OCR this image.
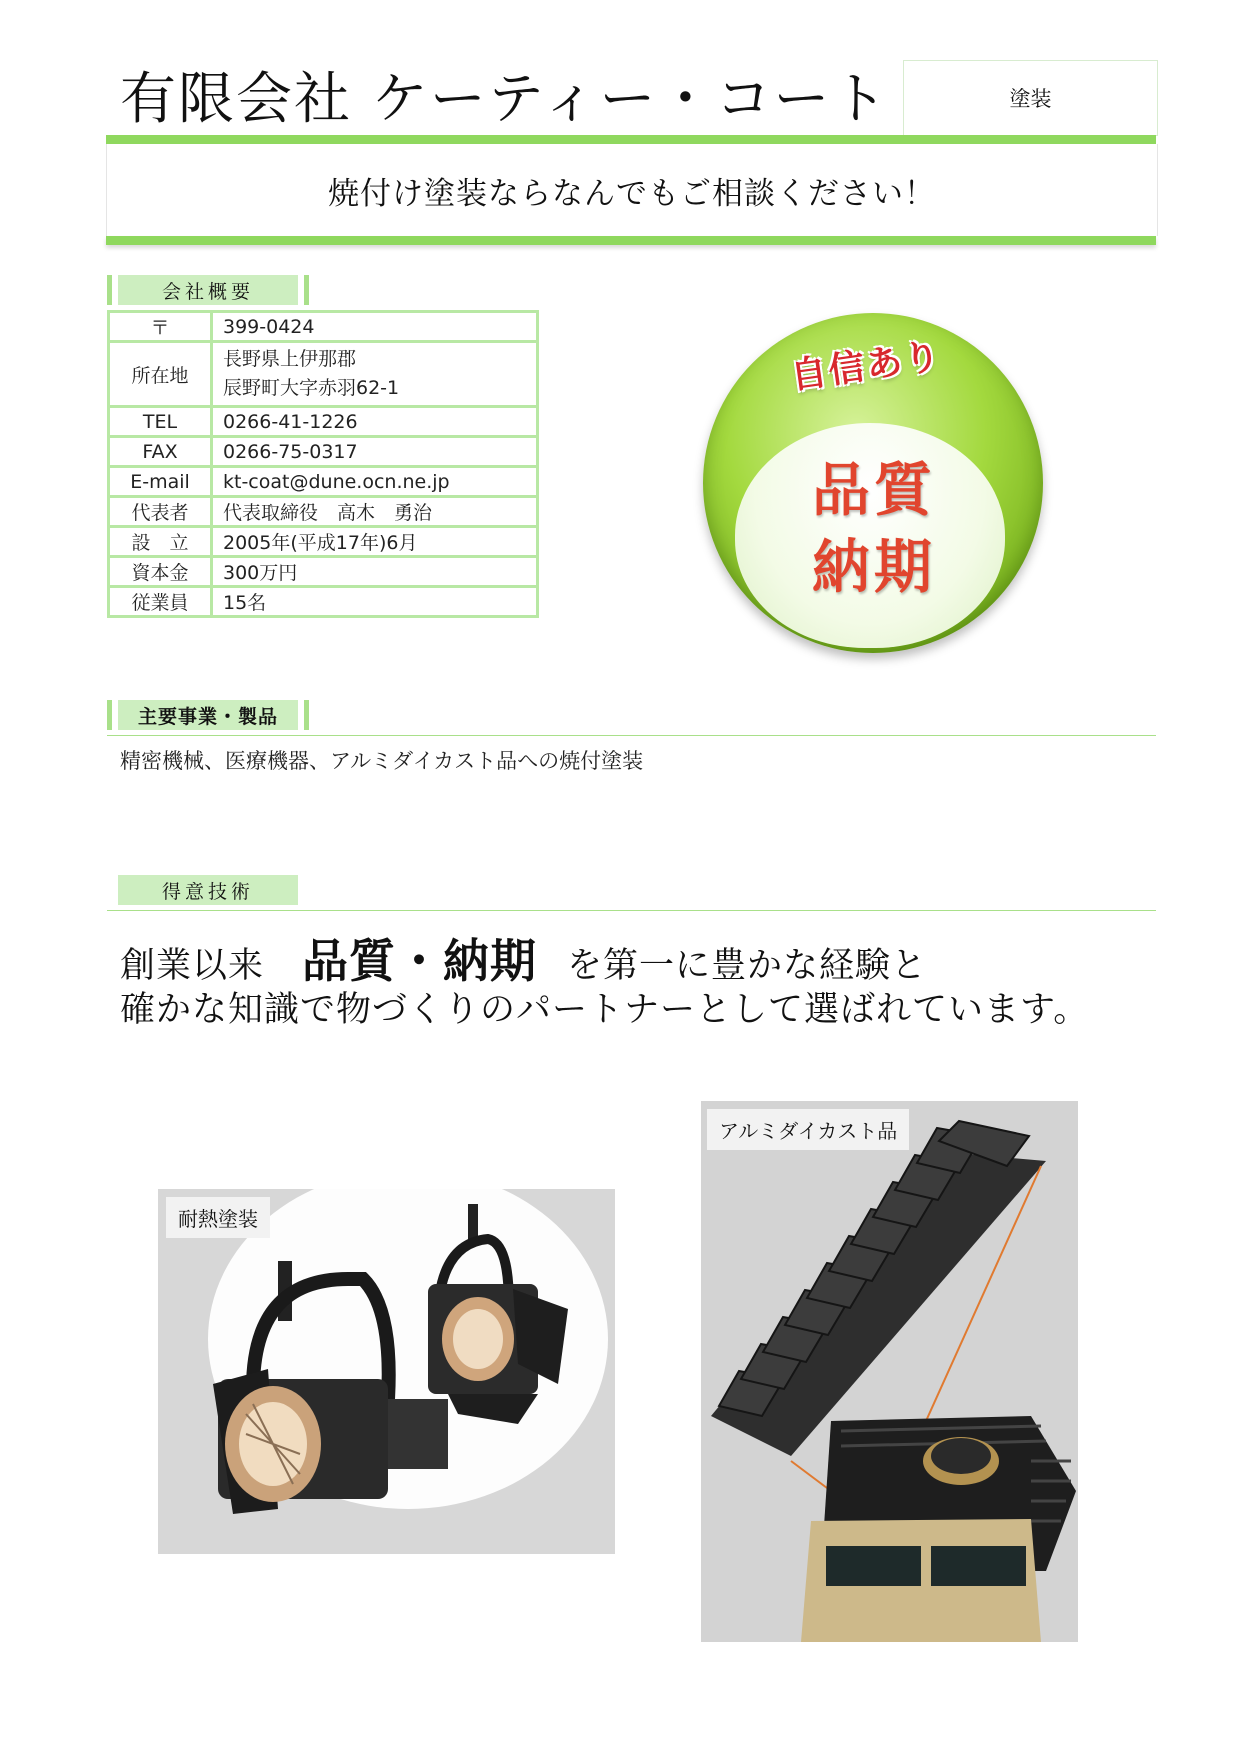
有限会社 ケーティー・コート	塗装
焼付け塗装ならなんでもご相談ください！
会社概要
〒	399-0424
所在地	長野県上伊那郡
辰野町大字赤羽62-1

TEL	0266-41-1226
FAX	0266-75-0317
E-mail	kt-coat@dune.ocn.ne.jp
代表者	代表取締役　高木　勇治
設　立	2005年(平成17年)6月
資本金	300万円
従業員	15名
自信あり
品質
納期
主要事業・製品
精密機械、医療機器、アルミダイカスト品への焼付塗装
得意技術
創業以来 品質・納期 を第一に豊かな経験と
確かな知識で物づくりのパートナーとして選ばれています。
耐熱塗装
アルミダイカスト品
